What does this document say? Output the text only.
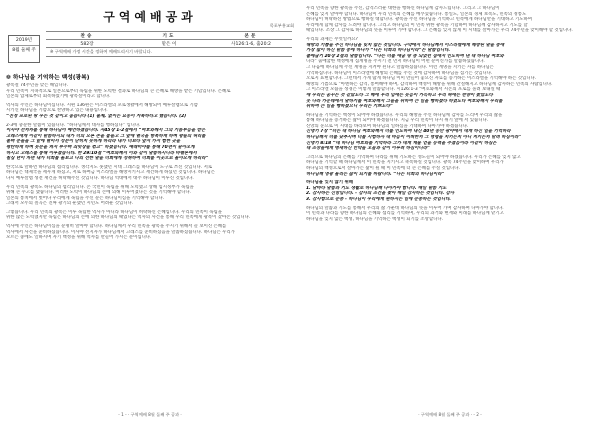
구역예배공과
목포부흥교회
2019년
8월 둘째 주
찬송	기도	본문
582장	맡은 이	사126:1-6, 출20:2
※ 구역예배 가정 시간을 정하여 예배드리시기 바랍니다.		
❁ 하나님을 기억하는 백성(광복)
광복절 74주년을 맞는 해입니다.
우리 민족이 지속적으로 일본으로부터 독립을 위한 노력한 결과로 하나님의 큰 은혜로 해방을 받은 기념입니다. 은혜로
일본의 압제로부터 회복하였기에 광복절이라고 합니다.
역사의 주인은 하나님이십니다. 시편 136편은 이스라엘의 포로생활에서 해방되어 예루살렘으로 기쁨
시키신 하나님을 기쁨으로 찬양하고 있는 내용입니다.
“진정 포로된 땅 우는 것 같이고 옵습니다 (1) 물제, 없이는 요동이 거룩하다고 했습니다. (2)
2-3에 충분한 말씀이 있습니다. “하나님께서 대사를 행하셨다” 입니다.
이사야 선지자를 통해 하나님이 예언하셨습니다. 사45장 1-2절에서 “여호와께서 그의 기름부음을 받은
고레스에게 이같이 말씀하시되 내가 너의 오른 손을 붙들고 그 앞에 열국을 항복하게 하며 왕들의 허리를
풀며 문들을 그 앞에 열어서 성문이 닫히지 못하게 하리라 내가 너보다 앞서 가서 험한 곳을
평탄하게 하며 놋문을 쳐서 부수며 쇠빗장을 꺾고” 하셨습니다. 예레미야를 통해 70년이 끝아오게
하시고 고레스를 통해 이루셨습니다. 한 29:10절 “여호와께서 이와 같이 말씀하시니라 바벨론에서
칠십 년이 차면 내가 너희를 돌보고 나의 선한 말을 너희에게 성취하여 너희를 이곳으로 돌아오게 하리라”
한국으로 말하면 하나님의 섭리입니다. 생각지도 못했던 시대 그레스를 하나님이 도구로 쓰신 것입니다. 저로
하나님은 대제국을 세우게 하셨고, 저로 하여금 이스라엘을 해방시키시고 재건하게 하셨던 것입니다. 하나님은
다시 예루살렘 성전 재건을 허락해주신 것입니다. 하나님 역대에서 대주 하나님이 이루신 것입니다.
우리 민족의 광복도 하나님의 섭리입니다. 온 국민이 독립을 위해 노력했고 상해 임시정부가 독립을
위해 큰 수고를 했습니다. 이러한 노력이 하나님의 손에 의해 이루어졌다는 것을 기억해야 합니다.
일본의 통치에서 벗어나 우리에게 독립을 주신 분은 하나님이심을 기억해야 합니다.
그래서 모두의 질곡은 진짜 광기의 둔했던 시민도 어려운 것입니다.
그렇습니다. 우리 민족의 광복은 이루 독립한 역사가 아니라 하나님이 허락하신 은혜입니다. 우리의 민족이 독립을
위한 많은 노력했지만 독립은 하나님의 손에 의한 하나님의 때였다는 역사의 사건을 통해 우리 민족에게 광복이 찾아온 것입니다.
역사에 주인은 하나님이심을 분명히 알아야 합니다. 하나님께서 우리 민족을 광복을 주시기 위해서 늘 보이신 은혜를
역사에서 사건을 준비하셨습니다. 이사야 선지자가 하나님께서 고레스를 준비하셨음을 말씀하셨습니다. 하나님은 우리가
모르는 중에도 일하시며 자기 백성을 위해 역사를 만들어 가시는 분이십니다.
- 1 - · 구역예배 8월 둘째 주 공과 ·
우리 민족을 향한 광복을 주신, 감격스러운 대한을 행하신 하나님께 감사드립니다. 그리고 그 하나님이
은혜를 잊지 말아야 합니다. 하나님이 우리 민족의 은혜를 베푸셨습니다. 통일도, 일본의 경제 보복도, 민족의 정통도
하나님이 허락하신 방법으로 행하실 대합니다. 광복을 주신 하나님을 기억하고 민족에게 하나님만을 기대하고 기도하며
우리에게 함께 감사를 드려야 합니다. 그리고 하나님의 이 민족 위한 광복을 기념하여 하나님께 감사하시고 기도를 할
때입니다. 조상 그 감사로 하나님의 뜻을 이루어 가야 합니다. 그 은혜를 잊지 않게 이 시대를 살아가는 우리 74주년을 맞이해야 할 것입니다.
우리의 과제는 무엇일까요?
해방의 기쁨을 주신 하나님을 잊지 않는 것입니다. 구약에서 하나님께서 이스라엘에게 해방된 말을 중에
가장 많이 하신 말씀 중에 하나가 “나는 너희의 하나님이라”는 말씀입니다.
출애굽기 20장 2절의 말씀입니다. “나는 너를 애굽 땅 종 되었던 집에서 인도하여 낸 네 하나님 여호와
니라” 출애굽한 백성에게 십계명을 주시기 전 먼저 하나님이 어떤 분이신가를 말씀하셨습니다.
그 다음에 하나님께 주신 계명을 지켜야 된다고 말씀하셨습니다. 이런 계명을 지키는 자를 하나님은
기억하십니다. 하나님이 이스라엘에 해방의 은혜를 주신 것에 감사하며 하나님을 섬기는 것입니다.
오로지 표현합니다. 그런데서 가게 땀게 하나님 이미 만들어 놓으신 자료를 증거하는 이스라엘을 기억해야 하는 것입니다.
해방의 기쁨으로 ”아멘하는 감격, 통여해야 하며, 감격하며 백성이 해방을 위해 간절해지고 하나님께 감사하는 민족의 사람입니다.
그 이스라엘 모습을 성경은 이렇게 말씀합니다. 시126:1-3 “여호와께서 시온의 포로를 돌려 보내실 때
에 우리는 꿈꾸는 것 같았도다 그 때에 우리 입에는 웃음이 가득하고 우리 혀에는 찬양이 찼었도다
뭇 나라 가운데에서 말하기를 여호와께서 그들을 위하여 큰 일을 행하셨다 하였도다 여호와께서 우리를
위하여 큰 일을 행하셨으니 우리는 기쁘도다”
하나님을 기억하는 백성이 되어야 하겠습니다. 우리의 해방을 주신 하나님께 감사를 드리며 우리의 삶을
통해 하나님을 증거하는 삶이 되어야 하겠습니다. 지금 우리 민족이 다시 위기 앞에 서 있습니다.
신앙의 눈으로 이 시대를 바라보며 하나님의 일하심을 기대하며 나아가야 하겠습니다.
신명기 7장 “너는 네 하나님 여호와께서 너를 인도하여 내신 40년 동안 광야에서 네게 하신 일을 기억하라
하나님께서 너를 낮추시며 너를 시험하사 네 마음이 어떠한지 그 명령을 지키는지 아니 지키는지 알려 하심이라”
신명기 8:18 “네 하나님 여호와를 기억하라 그가 네게 재물 얻을 능력을 주셨음이라 이같이 하심은
네 조상들에게 맹세하신 언약을 오늘과 같이 이루려 하심이니라”
그러므로 하나님의 은혜를 기억하며 나라를 위해 기도하는 성도들이 되어야 하겠습니다. 우리가 은혜를 잊지 않고
하나님을 기억할 때 하나님께서 이 민족을 지키시고 축복하실 것입니다. 광복 74주년을 맞이하여 우리가
하나님의 백성으로서 살아가는 삶이 될 때 이 민족에 더 큰 은혜를 주실 것입니다.
하나님께 영광 돌리는 삶이 되기를 바랍니다. “나는 너희의 하나님이라”
하나님을 잊지 않기 위해
1. 날마다 말씀과 기도 생활로 하나님께 나아가야 합니다. 매일 말씀 기도
2. 감사하는 신앙입니다. - 감사의 조건을 찾아 매일 감사하는 것입니다. 감사
3. 감사함으로 순종 - 하나님이 우리에게 원하시는 일에 순종하는 것입니다.
하나님의 말씀과 기도를 통해서 우리의 삶 가운데 하나님의 뜻을 이루어 가며 감사하며 나아가야 합니다.
이 민족과 나라를 향한 하나님의 은혜와 섭리를 기억하며, 우리의 과거와 현재와 미래를 하나님께 맡기고
하나님을 잊지 않는 백성, 하나님을 기억하는 백성이 되기를 소망합니다.
· 구역예배 8월 둘째 주 공과 · - 2 -
